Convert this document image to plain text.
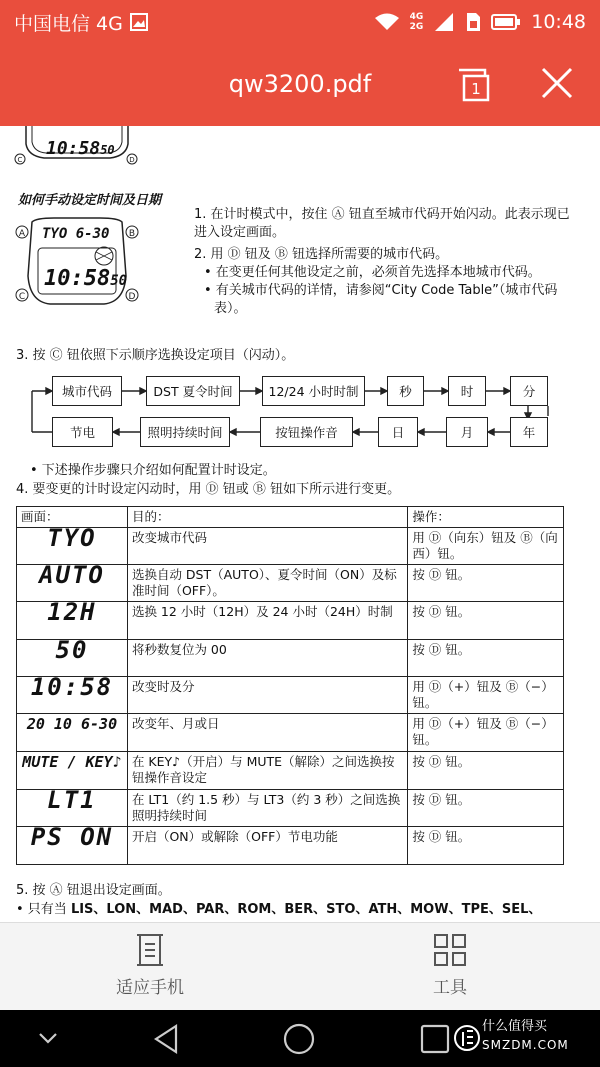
中国电信 4G	4G
2G	10:48
qw3200.pdf	1
C	D
10:5850
如何手动设定时间及日期
A	B
C	D
TYO 6-30
10:5850
1. 在计时模式中，按住 Ⓐ 钮直至城市代码开始闪动。此表示现已进入设定画面。
2. 用 Ⓓ 钮及 Ⓑ 钮选择所需要的城市代码。
• 在变更任何其他设定之前，必须首先选择本地城市代码。
• 有关城市代码的详情，请参阅“City Code Table”（城市代码表）。
3. 按 Ⓒ 钮依照下示顺序选换设定项目（闪动）。
城市代码	DST 夏令时间	12/24 小时时制	秒	时	分
节电	照明持续时间	按钮操作音	日	月	年
• 下述操作步骤只介绍如何配置计时设定。
4. 要变更的计时设定闪动时，用 Ⓓ 钮或 Ⓑ 钮如下所示进行变更。
画面：	目的：	操作：
TYO	改变城市代码	用 Ⓓ（向东）钮及 Ⓑ（向西）钮。
AUTO	选换自动 DST（AUTO）、夏令时间（ON）及标准时间（OFF）。	按 Ⓓ 钮。
12H	选换 12 小时（12H）及 24 小时（24H）时制	按 Ⓓ 钮。
50	将秒数复位为 00	按 Ⓓ 钮。
10:58	改变时及分	用 Ⓓ（+）钮及 Ⓑ（−）钮。
20 10 6-30	改变年、月或日	用 Ⓓ（+）钮及 Ⓑ（−）钮。
MUTE / KEY♪	在 KEY♪（开启）与 MUTE（解除）之间选换按钮操作音设定	按 Ⓓ 钮。
LT1	在 LT1（约 1.5 秒）与 LT3（约 3 秒）之间选换照明持续时间	按 Ⓓ 钮。
PS ON	开启（ON）或解除（OFF）节电功能	按 Ⓓ 钮。
5. 按 Ⓐ 钮退出设定画面。
• 只有当 LIS、LON、MAD、PAR、ROM、BER、STO、ATH、MOW、TPE、SEL、
适应手机	工具
什么值得买
SMZDM.COM
